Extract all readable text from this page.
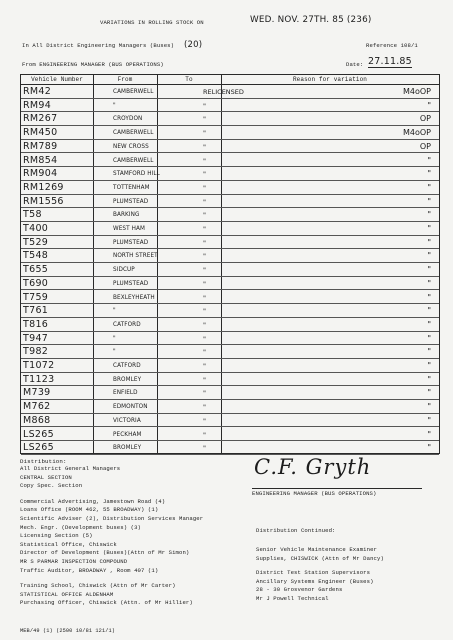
VARIATIONS IN ROLLING STOCK ON	WED. NOV. 27TH. 85 (236)
In All District Engineering Managers (Buses) (20)	Reference 108/1
From ENGINEERING MANAGER (BUS OPERATIONS)	Date: 27.11.85
Vehicle Number	From	To	Reason for variation
RM42	CAMBERWELL	RELICENSED	M4oOP
RM94	"	"	"
RM267	CROYDON	"	OP
RM450	CAMBERWELL	"	M4oOP
RM789	NEW CROSS	"	OP
RM854	CAMBERWELL	"	"
RM904	STAMFORD HILL	"	"
RM1269	TOTTENHAM	"	"
RM1556	PLUMSTEAD	"	"
T58	BARKING	"	"
T400	WEST HAM	"	"
T529	PLUMSTEAD	"	"
T548	NORTH STREET	"	"
T655	SIDCUP	"	"
T690	PLUMSTEAD	"	"
T759	BEXLEYHEATH	"	"
T761	"	"	"
T816	CATFORD	"	"
T947	"	"	"
T982	"	"	"
T1072	CATFORD	"	"
T1123	BROMLEY	"	"
M739	ENFIELD	"	"
M762	EDMONTON	"	"
M868	VICTORIA	"	"
LS265	PECKHAM	"	"
LS265	BROMLEY	"	"
Distribution:
All District General Managers
CENTRAL SECTION
Copy Spec. Section
Commercial Advertising, Jamestown Road (4)
Loans Office (ROOM 462, 55 BROADWAY) (1)
Scientific Adviser (2), Distribution Services Manager
Mech. Engr. (Development buses) (3)
Licensing Section (5)
Statistical Office, Chiswick
Director of Development (Buses)(Attn of Mr Simon)
MR S PARMAR INSPECTION COMPOUND
Traffic Auditor, BROADWAY , Room 407 (1)
Training School, Chiswick (Attn of Mr Carter)
STATISTICAL OFFICE ALDENHAM
Purchasing Officer, Chiswick (Attn. of Mr Hillier)
C.F. Gryth
ENGINEERING MANAGER (BUS OPERATIONS)
Distribution Continued:
Senior Vehicle Maintenance Examiner
Supplies, CHISWICK (Attn of Mr Dancy)
District Test Station Supervisors
Ancillary Systems Engineer (Buses)
28 - 30 Grosvenor Gardens
Mr J Powell Technical
MEB/49 (1) (2500 10/81 121/1)
